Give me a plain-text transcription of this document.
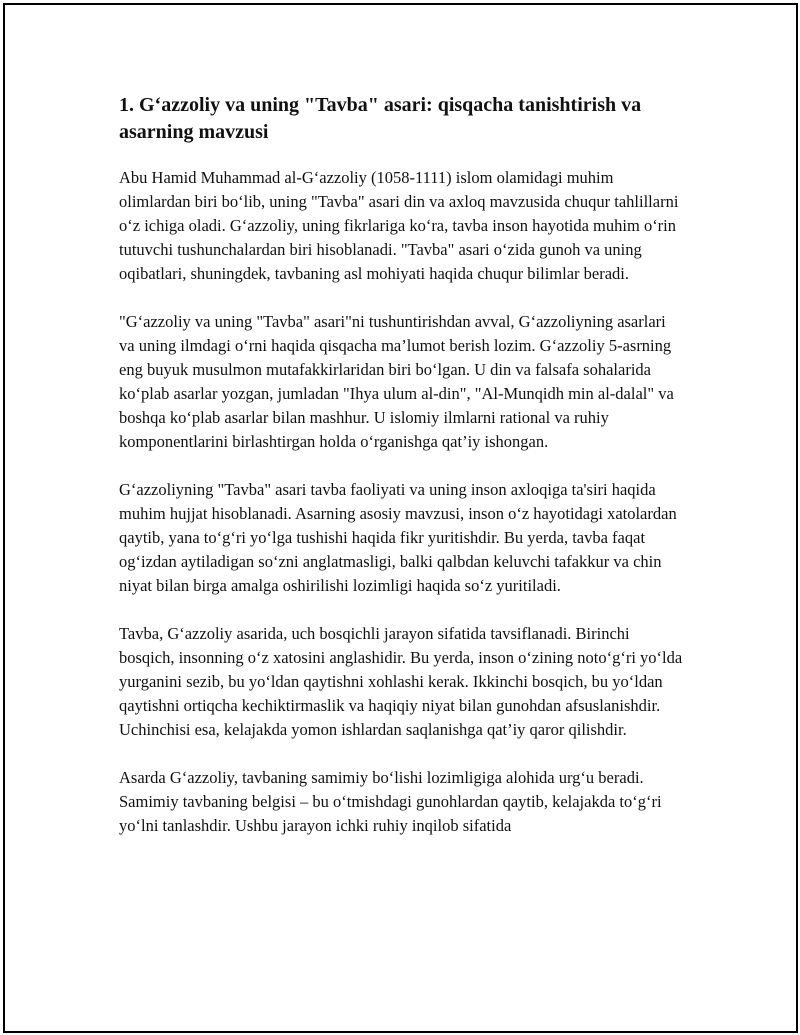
1. G‘azzoliy va uning "Tavba" asari: qisqacha tanishtirish va asarning mavzusi

Abu Hamid Muhammad al-G‘azzoliy (1058-1111) islom olamidagi muhim olimlardan biri bo‘lib, uning "Tavba" asari din va axloq mavzusida chuqur tahlillarni o‘z ichiga oladi. G‘azzoliy, uning fikrlariga ko‘ra, tavba inson hayotida muhim o‘rin tutuvchi tushunchalardan biri hisoblanadi. "Tavba" asari o‘zida gunoh va uning oqibatlari, shuningdek, tavbaning asl mohiyati haqida chuqur bilimlar beradi.

"G‘azzoliy va uning "Tavba" asari"ni tushuntirishdan avval, G‘azzoliyning asarlari va uning ilmdagi o‘rni haqida qisqacha ma’lumot berish lozim. G‘azzoliy 5-asrning eng buyuk musulmon mutafakkirlaridan biri bo‘lgan. U din va falsafa sohalarida ko‘plab asarlar yozgan, jumladan "Ihya ulum al-din", "Al-Munqidh min al-dalal" va boshqa ko‘plab asarlar bilan mashhur. U islomiy ilmlarni rational va ruhiy komponentlarini birlashtirgan holda o‘rganishga qat’iy ishongan.

G‘azzoliyning "Tavba" asari tavba faoliyati va uning inson axloqiga ta'siri haqida muhim hujjat hisoblanadi. Asarning asosiy mavzusi, inson o‘z hayotidagi xatolardan qaytib, yana to‘g‘ri yo‘lga tushishi haqida fikr yuritishdir. Bu yerda, tavba faqat og‘izdan aytiladigan so‘zni anglatmasligi, balki qalbdan keluvchi tafakkur va chin niyat bilan birga amalga oshirilishi lozimligi haqida so‘z yuritiladi.

Tavba, G‘azzoliy asarida, uch bosqichli jarayon sifatida tavsiflanadi. Birinchi bosqich, insonning o‘z xatosini anglashidir. Bu yerda, inson o‘zining noto‘g‘ri yo‘lda yurganini sezib, bu yo‘ldan qaytishni xohlashi kerak. Ikkinchi bosqich, bu yo‘ldan qaytishni ortiqcha kechiktirmaslik va haqiqiy niyat bilan gunohdan afsuslanishdir. Uchinchisi esa, kelajakda yomon ishlardan saqlanishga qat’iy qaror qilishdir.

Asarda G‘azzoliy, tavbaning samimiy bo‘lishi lozimligiga alohida urg‘u beradi. Samimiy tavbaning belgisi – bu o‘tmishdagi gunohlardan qaytib, kelajakda to‘g‘ri yo‘lni tanlashdir. Ushbu jarayon ichki ruhiy inqilob sifatida
